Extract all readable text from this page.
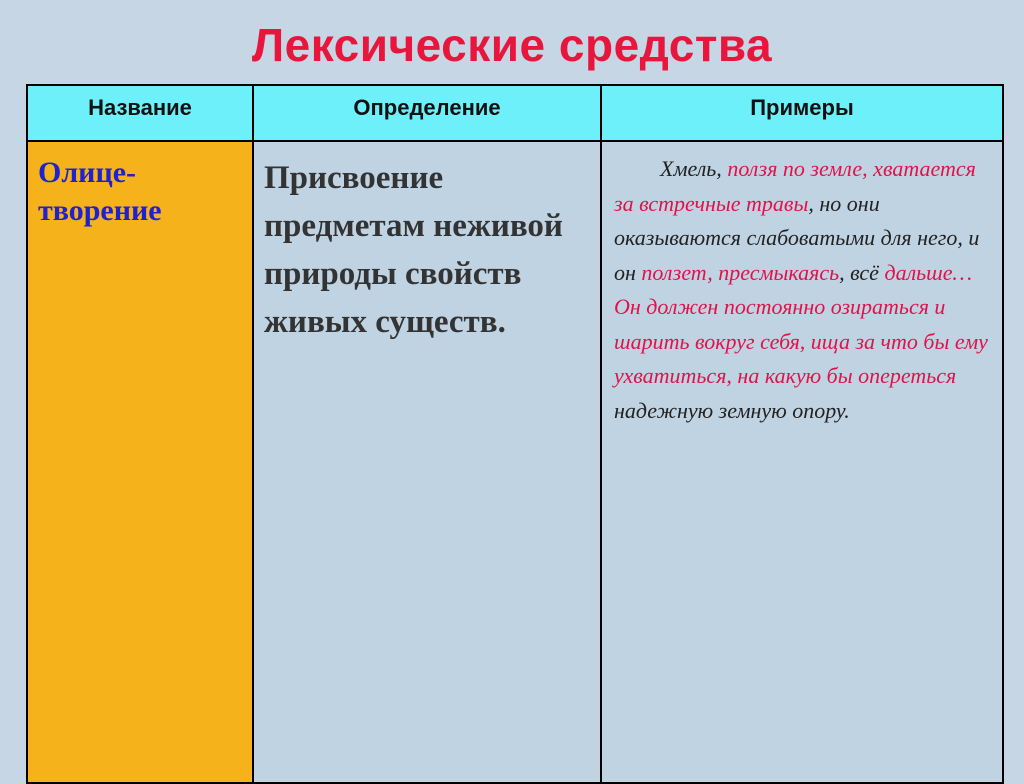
Лексические средства
Название	Определение	Примеры
Олице-
творение
Присвоение предметам неживой природы свойств живых существ.
Хмель, ползя по земле, хватается за встречные травы, но они оказываются слабоватыми для него, и он ползет, пресмыкаясь, всё дальше…Он должен постоянно озираться и шарить вокруг себя, ища за что бы ему ухватиться, на какую бы опереться надежную земную опору.
